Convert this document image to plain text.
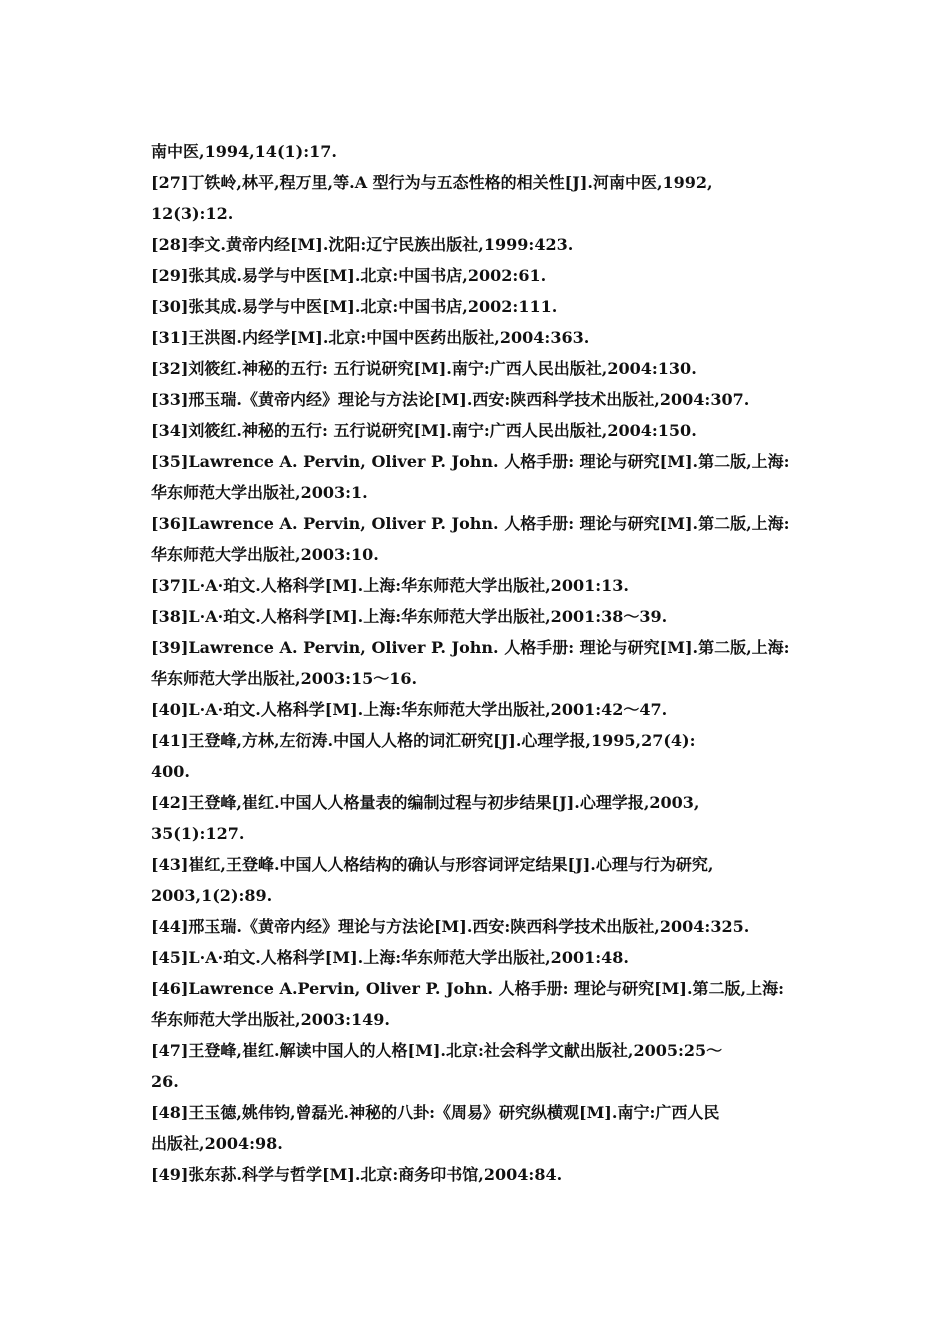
南中医,1994,14(1):17.
[27]丁铁岭,林平,程万里,等.A 型行为与五态性格的相关性[J].河南中医,1992,
12(3):12.
[28]李文.黄帝内经[M].沈阳:辽宁民族出版社,1999:423.
[29]张其成.易学与中医[M].北京:中国书店,2002:61.
[30]张其成.易学与中医[M].北京:中国书店,2002:111.
[31]王洪图.内经学[M].北京:中国中医药出版社,2004:363.
[32]刘筱红.神秘的五行: 五行说研究[M].南宁:广西人民出版社,2004:130.
[33]邢玉瑞.《黄帝内经》理论与方法论[M].西安:陕西科学技术出版社,2004:307.
[34]刘筱红.神秘的五行: 五行说研究[M].南宁:广西人民出版社,2004:150.
[35]Lawrence A. Pervin, Oliver P. John. 人格手册: 理论与研究[M].第二版,上海:
华东师范大学出版社,2003:1.
[36]Lawrence A. Pervin, Oliver P. John. 人格手册: 理论与研究[M].第二版,上海:
华东师范大学出版社,2003:10.
[37]L·A·珀文.人格科学[M].上海:华东师范大学出版社,2001:13.
[38]L·A·珀文.人格科学[M].上海:华东师范大学出版社,2001:38～39.
[39]Lawrence A. Pervin, Oliver P. John. 人格手册: 理论与研究[M].第二版,上海:
华东师范大学出版社,2003:15～16.
[40]L·A·珀文.人格科学[M].上海:华东师范大学出版社,2001:42～47.
[41]王登峰,方林,左衍涛.中国人人格的词汇研究[J].心理学报,1995,27(4):
400.
[42]王登峰,崔红.中国人人格量表的编制过程与初步结果[J].心理学报,2003,
35(1):127.
[43]崔红,王登峰.中国人人格结构的确认与形容词评定结果[J].心理与行为研究,
2003,1(2):89.
[44]邢玉瑞.《黄帝内经》理论与方法论[M].西安:陕西科学技术出版社,2004:325.
[45]L·A·珀文.人格科学[M].上海:华东师范大学出版社,2001:48.
[46]Lawrence A.Pervin, Oliver P. John. 人格手册: 理论与研究[M].第二版,上海:
华东师范大学出版社,2003:149.
[47]王登峰,崔红.解读中国人的人格[M].北京:社会科学文献出版社,2005:25～
26.
[48]王玉德,姚伟钧,曾磊光.神秘的八卦:《周易》研究纵横观[M].南宁:广西人民
出版社,2004:98.
[49]张东荪.科学与哲学[M].北京:商务印书馆,2004:84.
